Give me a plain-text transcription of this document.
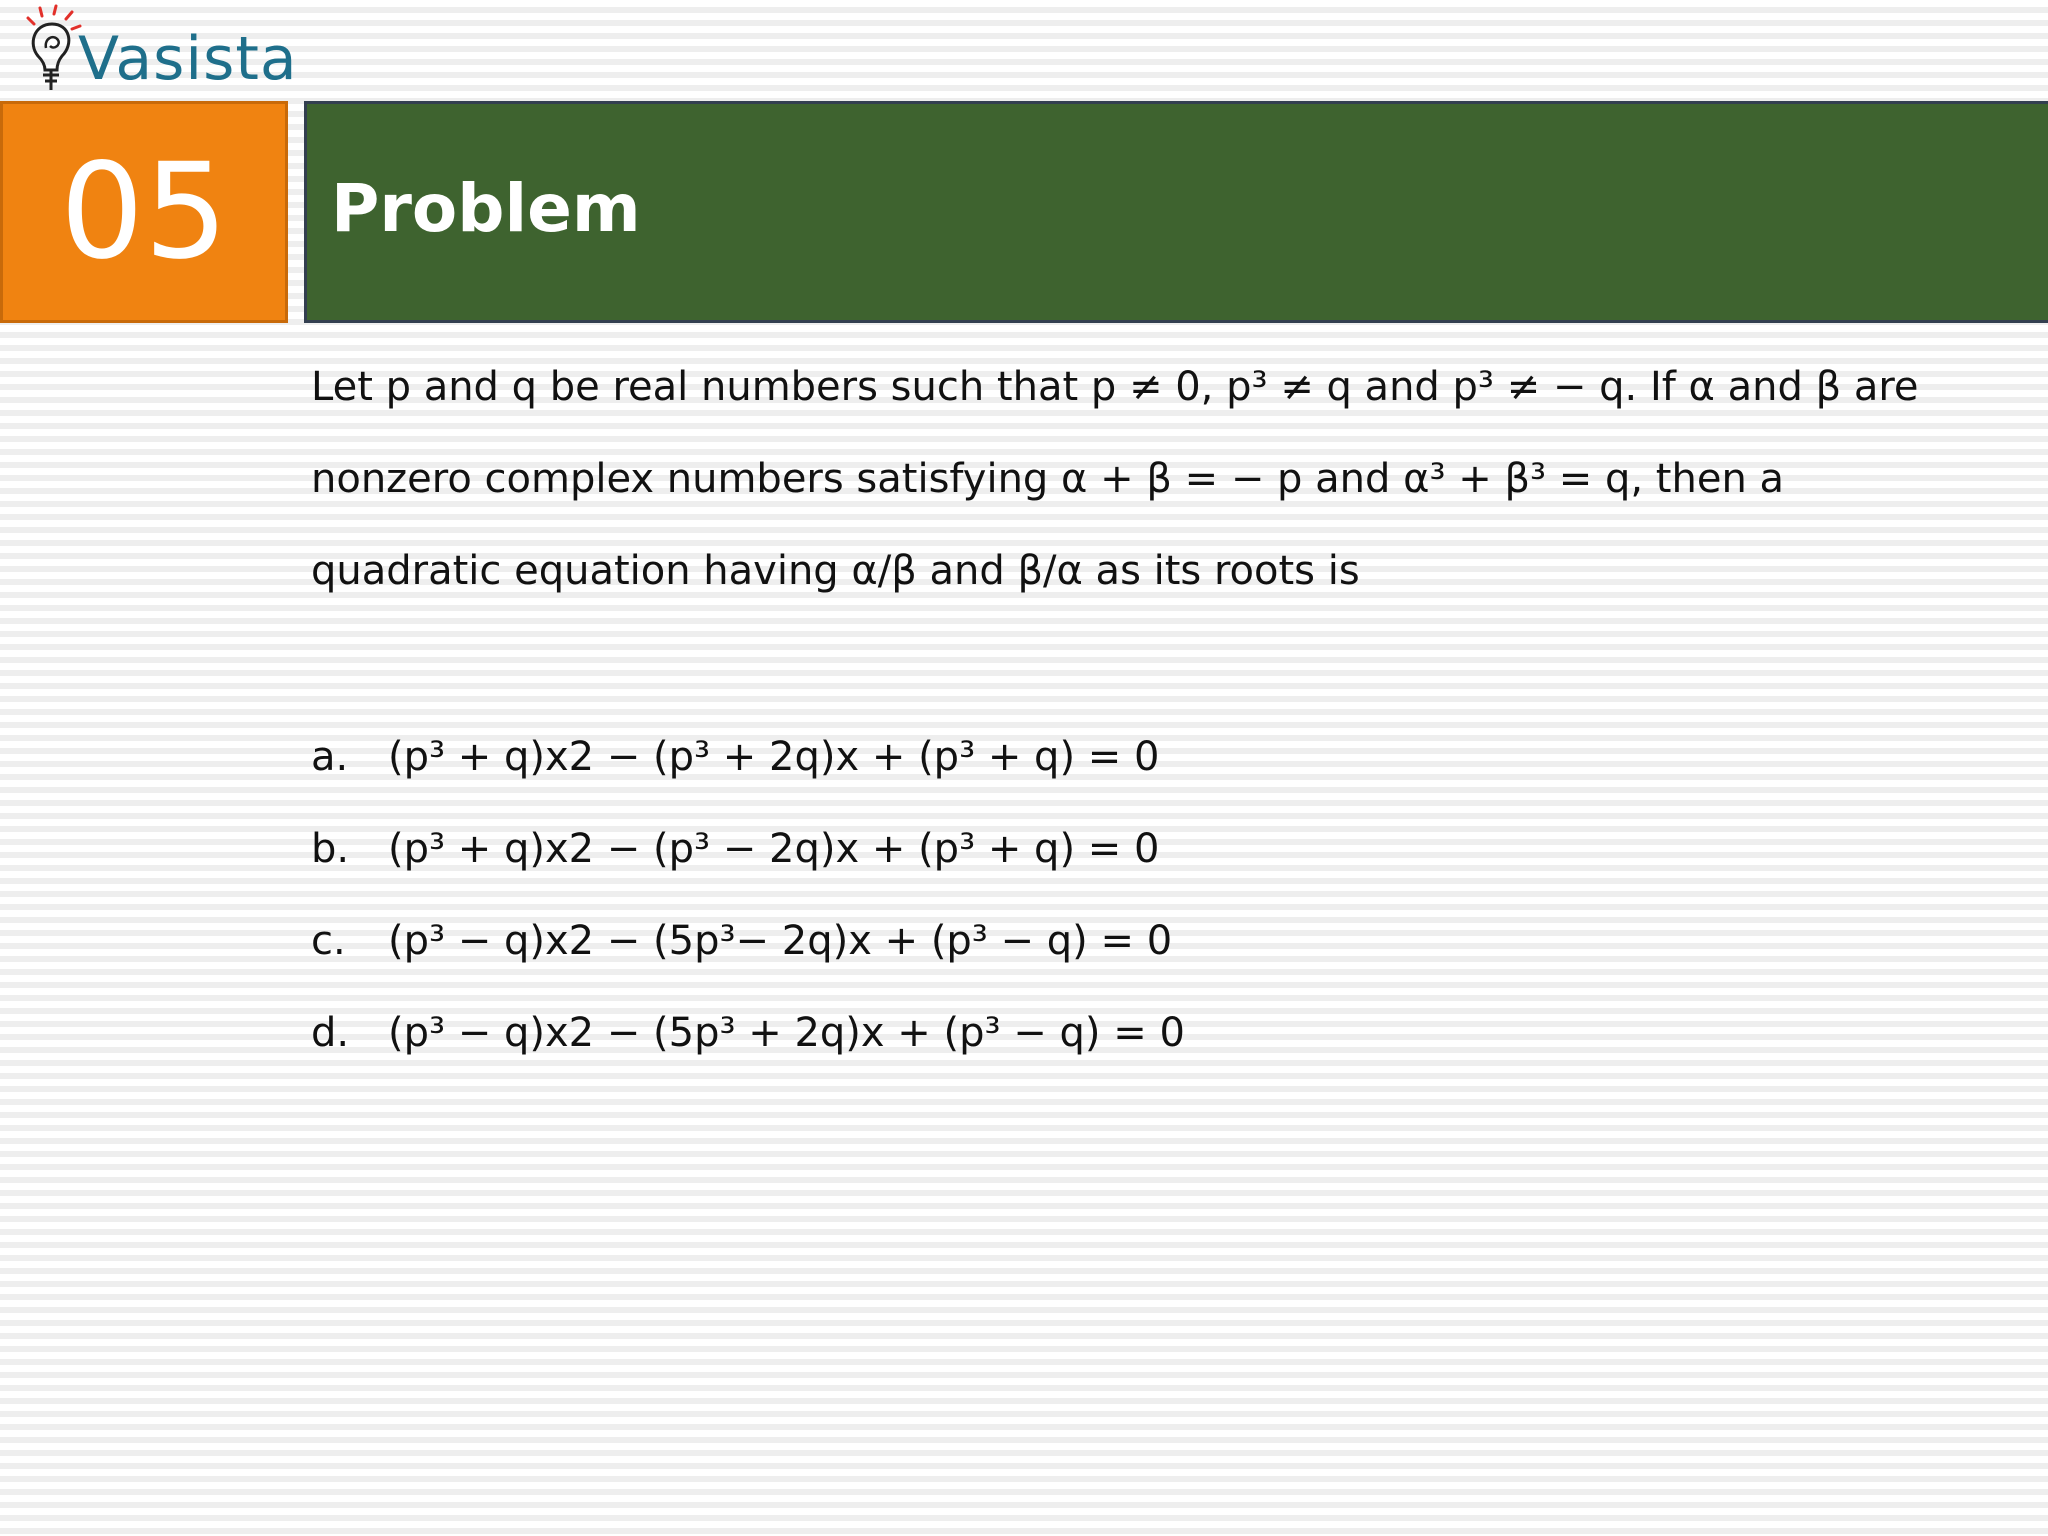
Vasista
05 Problem
Let p and q be real numbers such that p ≠ 0, p³ ≠ q and p³ ≠ − q. If α and β are
nonzero complex numbers satisfying α + β = − p and α³ + β³ = q, then a
quadratic equation having α/β and β/α as its roots is
a. (p³ + q)x2 − (p³ + 2q)x + (p³ + q) = 0
b. (p³ + q)x2 − (p³ − 2q)x + (p³ + q) = 0
c. (p³ − q)x2 − (5p³− 2q)x + (p³ − q) = 0
d. (p³ − q)x2 − (5p³ + 2q)x + (p³ − q) = 0
